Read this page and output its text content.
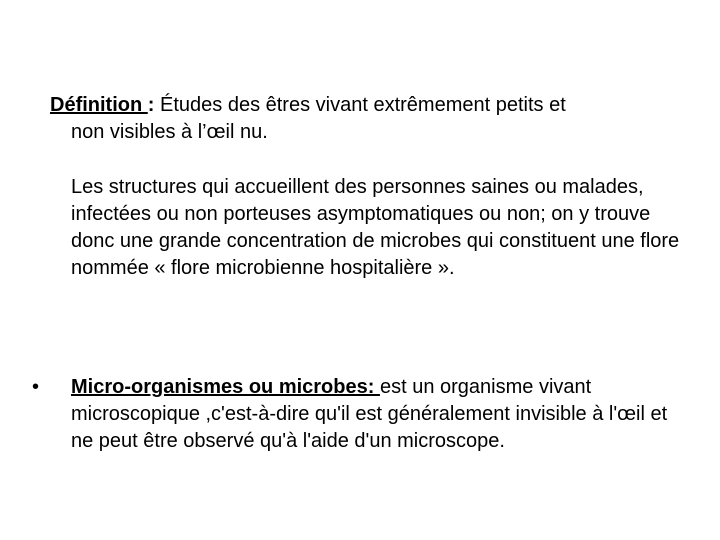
Définition : Études des êtres vivant extrêmement petits et
non visibles à l’œil nu.
Les structures qui accueillent des personnes saines ou malades, infectées ou non porteuses asymptomatiques ou non; on y trouve donc une grande concentration de microbes qui constituent une flore nommée « flore microbienne hospitalière ».
•	Micro-organismes ou microbes: est un organisme vivant microscopique ,c'est-à-dire qu'il est généralement invisible à l'œil et ne peut être observé qu'à l'aide d'un microscope.
